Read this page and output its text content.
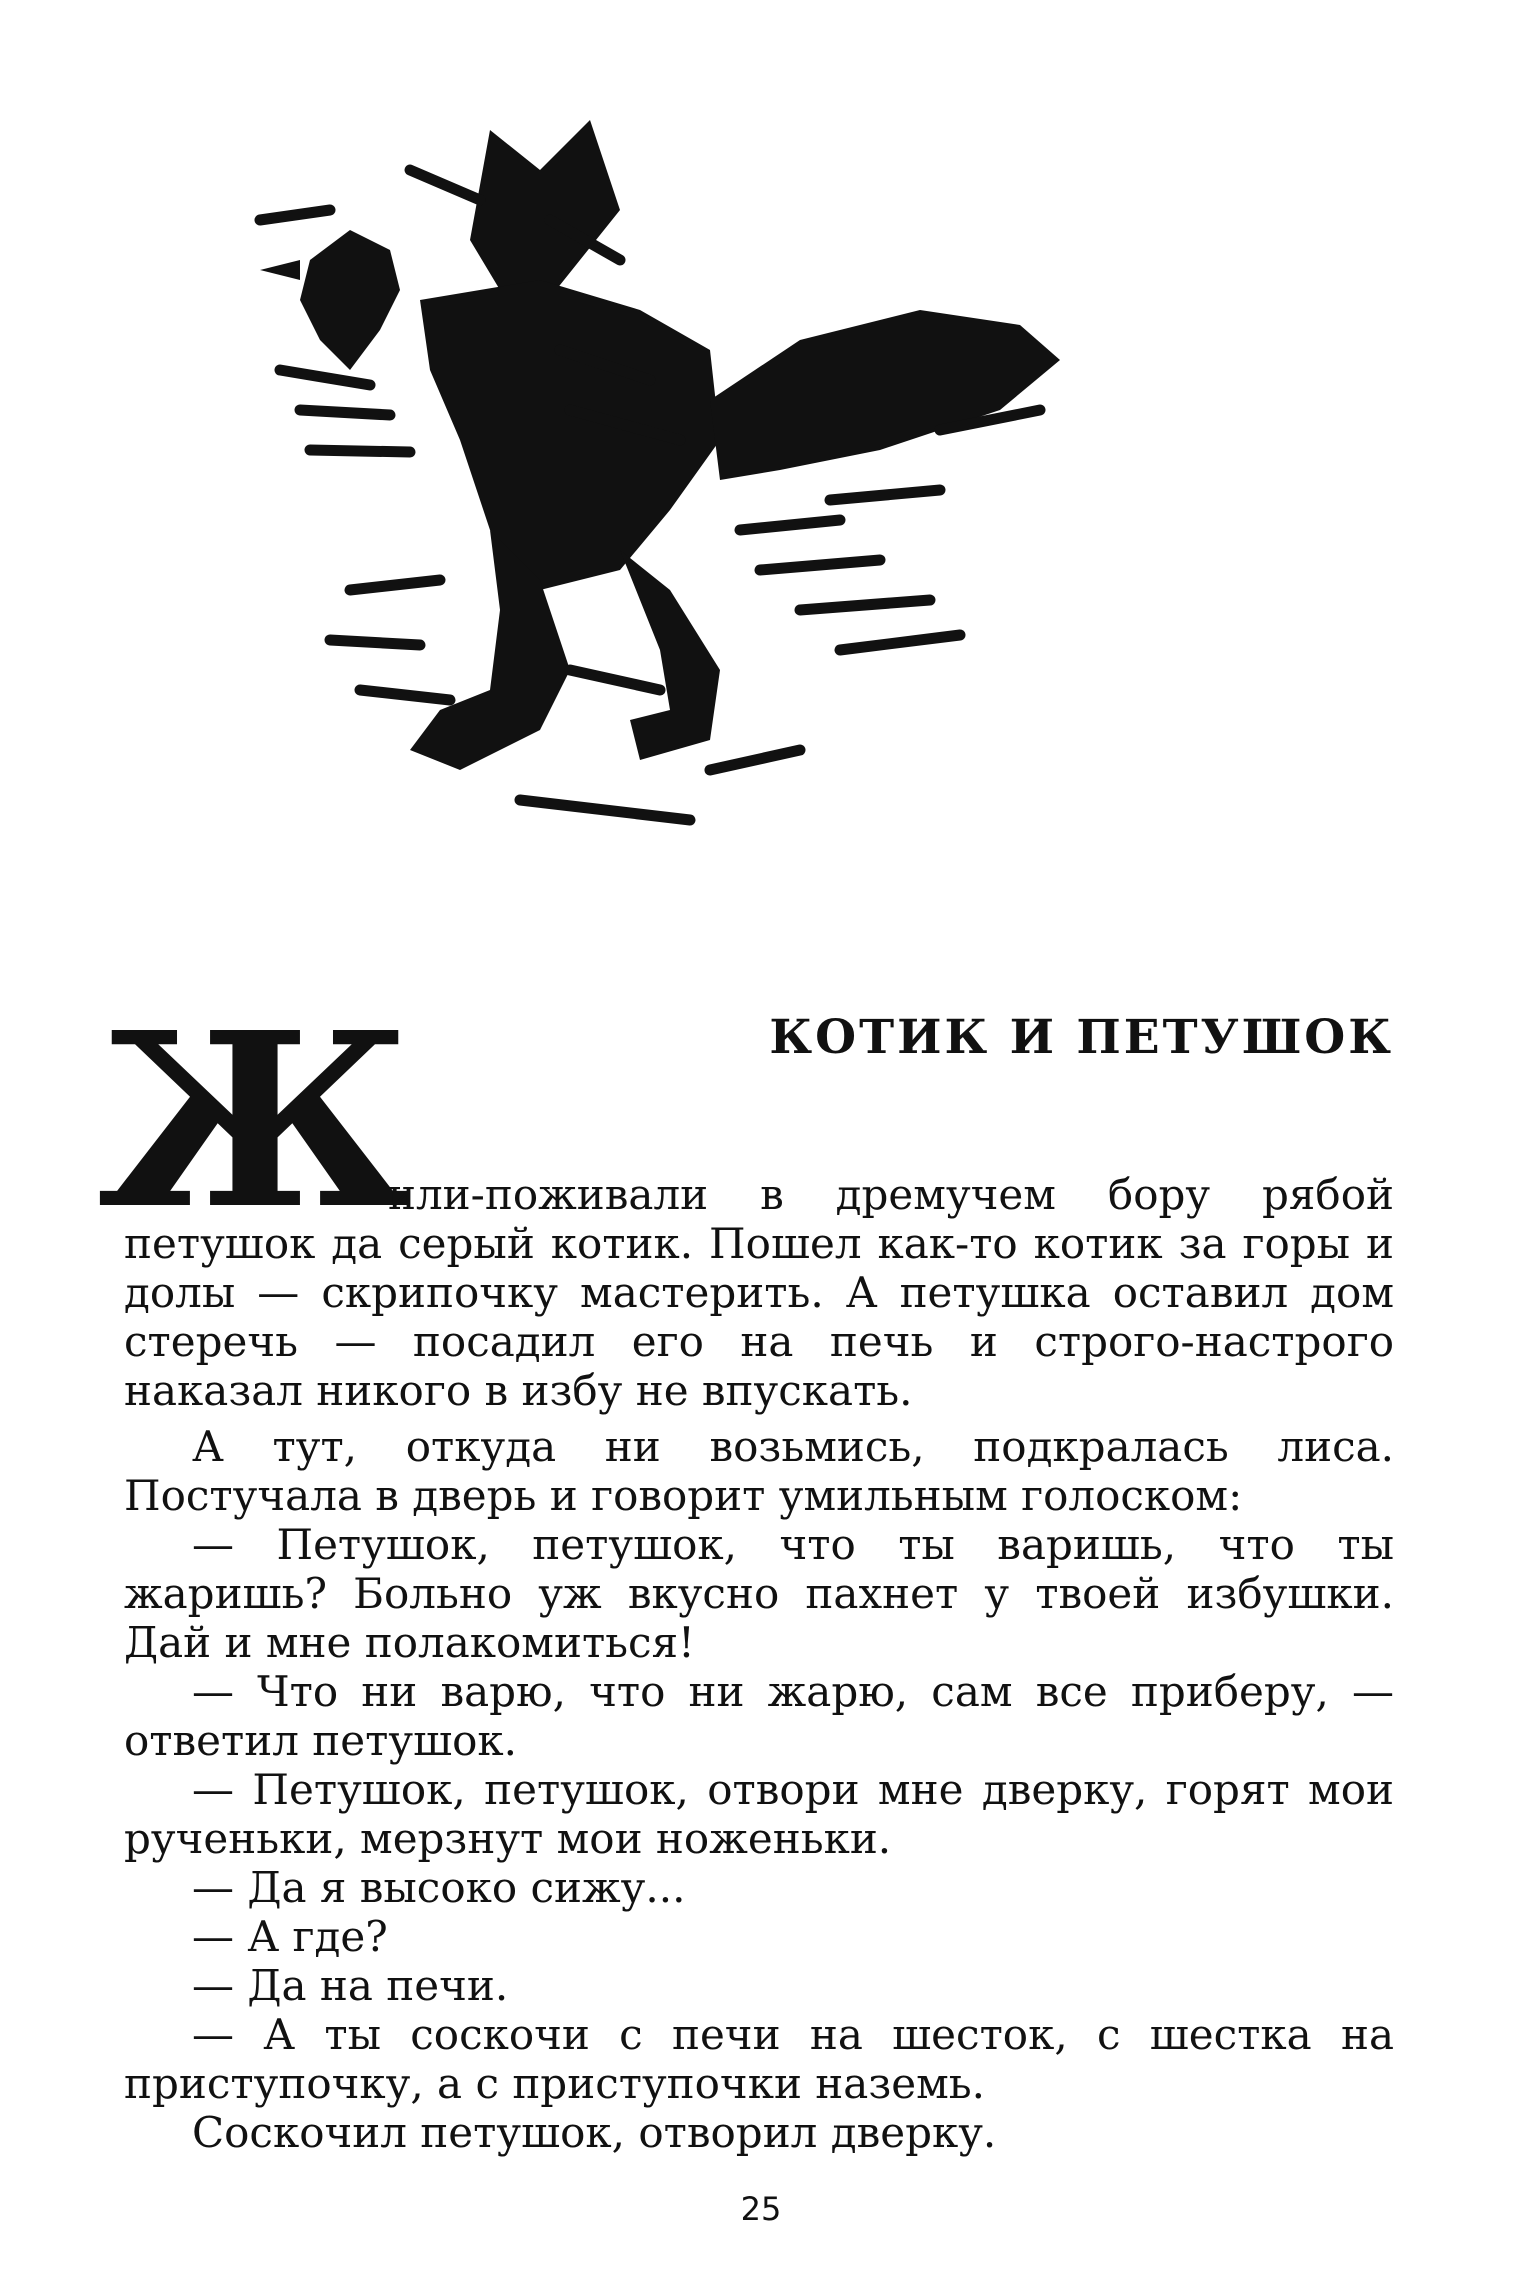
КОТИК И ПЕТУШОК
Ж

или-поживали в дремучем бору рябой петушок да серый котик. Пошел как-то котик за горы и долы — скрипочку мастерить. А петушка оставил дом стеречь — посадил его на печь и строго-настрого наказал никого в избу не впускать.

А тут, откуда ни возьмись, подкралась лиса. Постучала в дверь и говорит умильным голоском:

— Петушок, петушок, что ты варишь, что ты жаришь? Больно уж вкусно пахнет у твоей избушки. Дай и мне полакомиться!

— Что ни варю, что ни жарю, сам все приберу, — ответил петушок.

— Петушок, петушок, отвори мне дверку, горят мои рученьки, мерзнут мои ноженьки.

— Да я высоко сижу...

— А где?

— Да на печи.

— А ты соскочи с печи на шесток, с шестка на приступочку, а с приступочки наземь.

Соскочил петушок, отворил дверку.

25
